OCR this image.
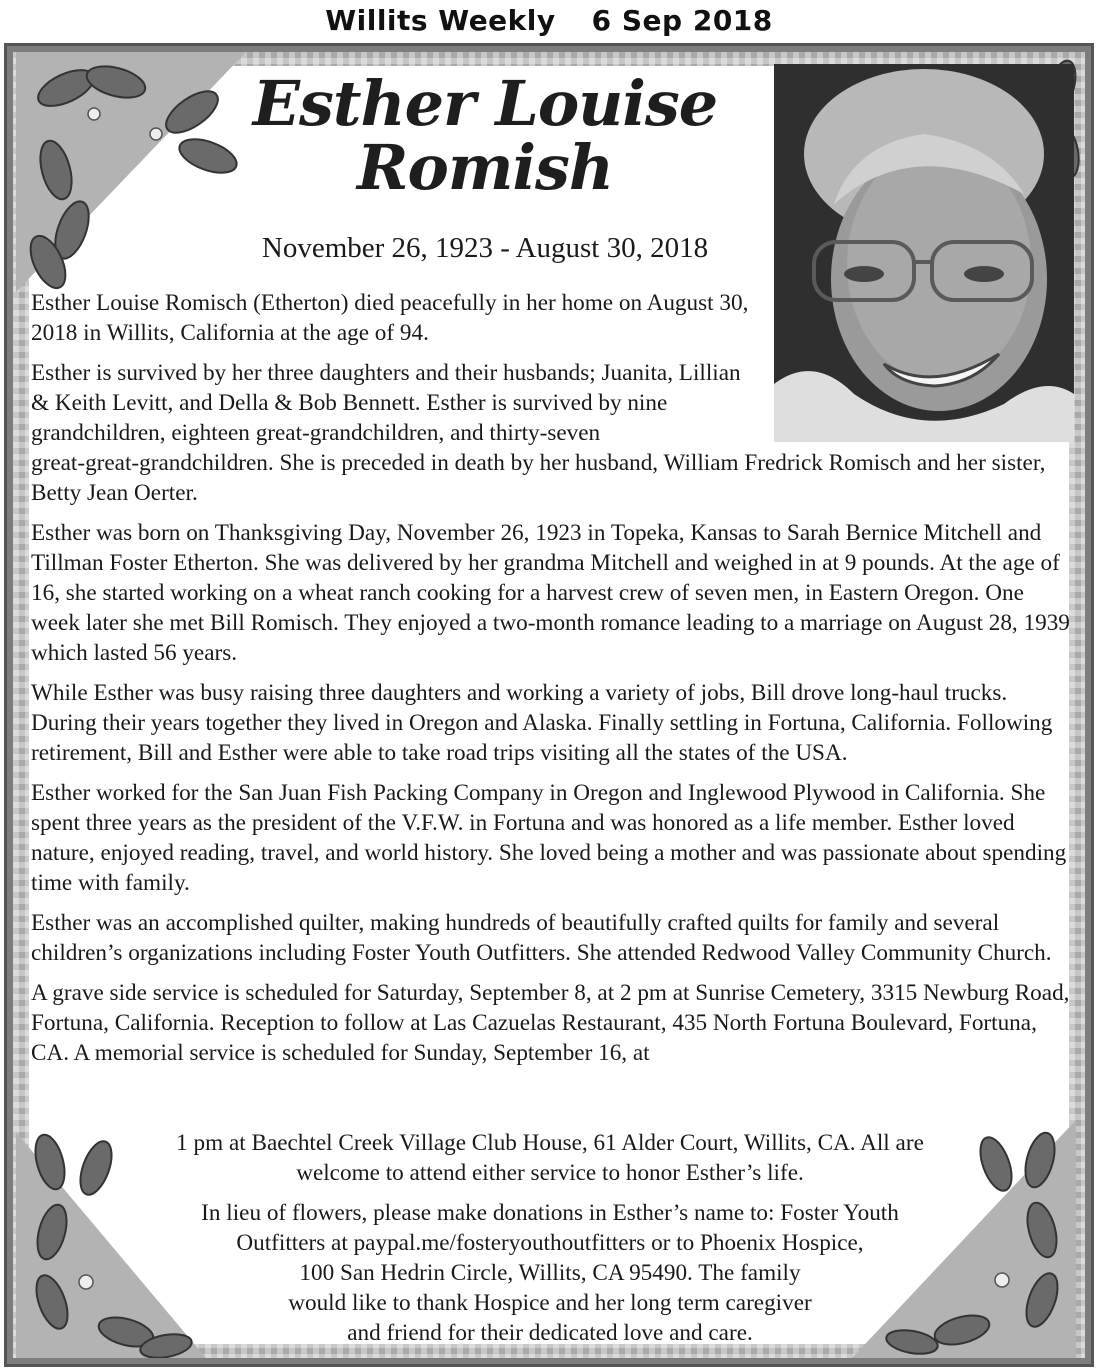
Willits Weekly 6 Sep 2018
Esther Louise
Romish
November 26, 1923 - August 30, 2018

Esther Louise Romisch (Etherton) died peacefully in her home on August 30, 2018 in Willits, California at the age of 94.

Esther is survived by her three daughters and their husbands; Juanita, Lillian & Keith Levitt, and Della & Bob Bennett. Esther is survived by nine grandchildren, eighteen great-grandchildren, and thirty-seven

great-great-grandchildren. She is preceded in death by her husband, William Fredrick Romisch and her sister, Betty Jean Oerter.

Esther was born on Thanksgiving Day, November 26, 1923 in Topeka, Kansas to Sarah Bernice Mitchell and Tillman Foster Etherton. She was delivered by her grandma Mitchell and weighed in at 9 pounds. At the age of 16, she started working on a wheat ranch cooking for a harvest crew of seven men, in Eastern Oregon. One week later she met Bill Romisch. They enjoyed a two-month romance leading to a marriage on August 28, 1939 which lasted 56 years.

While Esther was busy raising three daughters and working a variety of jobs, Bill drove long-haul trucks. During their years together they lived in Oregon and Alaska. Finally settling in Fortuna, California. Following retirement, Bill and Esther were able to take road trips visiting all the states of the USA.

Esther worked for the San Juan Fish Packing Company in Oregon and Inglewood Plywood in California. She spent three years as the president of the V.F.W. in Fortuna and was honored as a life member. Esther loved nature, enjoyed reading, travel, and world history. She loved being a mother and was passionate about spending time with family.

Esther was an accomplished quilter, making hundreds of beautifully crafted quilts for family and several children’s organizations including Foster Youth Outfitters. She attended Redwood Valley Community Church.

A grave side service is scheduled for Saturday, September 8, at 2 pm at Sunrise Cemetery, 3315 Newburg Road, Fortuna, California. Reception to follow at Las Cazuelas Restaurant, 435 North Fortuna Boulevard, Fortuna, CA. A memorial service is scheduled for Sunday, September 16, at

1 pm at Baechtel Creek Village Club House, 61 Alder Court, Willits, CA. All are
welcome to attend either service to honor Esther’s life.
In lieu of flowers, please make donations in Esther’s name to: Foster Youth
Outfitters at paypal.me/fosteryouthoutfitters or to Phoenix Hospice,
100 San Hedrin Circle, Willits, CA 95490. The family
would like to thank Hospice and her long term caregiver
and friend for their dedicated love and care.
